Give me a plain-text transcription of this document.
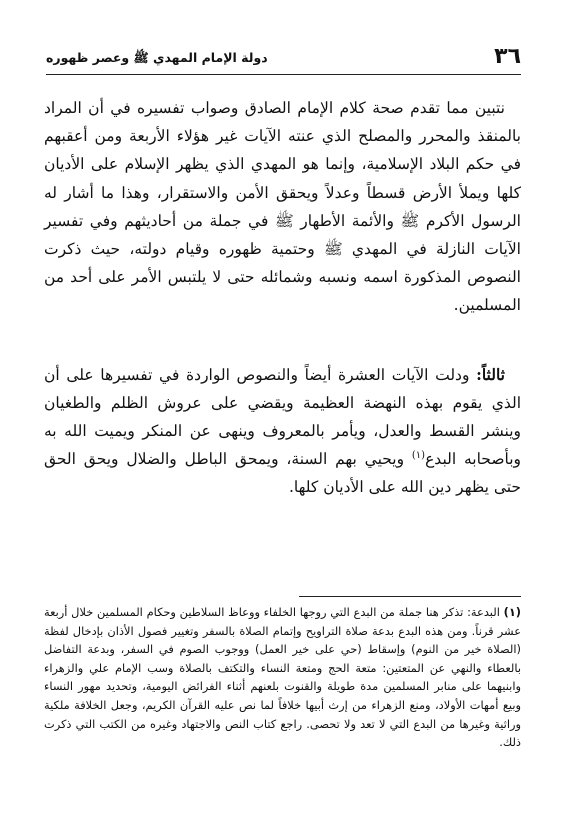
٣٦
دولة الإمام المهدي ﷺ وعصر ظهوره

نتبين مما تقدم صحة كلام الإمام الصادق وصواب تفسيره في أن المراد بالمنقذ والمحرر والمصلح الذي عنته الآيات غير هؤلاء الأربعة ومن أعقبهم في حكم البلاد الإسلامية، وإنما هو المهدي الذي يظهر الإسلام على الأديان كلها ويملأ الأرض قسطاً وعدلاً ويحقق الأمن والاستقرار، وهذا ما أشار له الرسول الأكرم ﷺ والأئمة الأطهار ﷺ في جملة من أحاديثهم وفي تفسير الآيات النازلة في المهدي ﷺ وحتمية ظهوره وقيام دولته، حيث ذكرت النصوص المذكورة اسمه ونسبه وشمائله حتى لا يلتبس الأمر على أحد من المسلمين.

ثالثاً: ودلت الآيات العشرة أيضاً والنصوص الواردة في تفسيرها على أن الذي يقوم بهذه النهضة العظيمة ويقضي على عروش الظلم والطغيان وينشر القسط والعدل، ويأمر بالمعروف وينهى عن المنكر ويميت الله به وبأصحابه البدع$^{(١)}$ ويحيي بهم السنة، ويمحق الباطل والضلال ويحق الحق حتى يظهر دين الله على الأديان كلها.

(١) البدعة: تذكر هنا جملة من البدع التي روجها الخلفاء ووعاظ السلاطين وحكام المسلمين خلال أربعة عشر قرناً. ومن هذه البدع بدعة صلاة التراويح وإتمام الصلاة بالسفر وتغيير فصول الأذان بإدخال لفظة (الصلاة خير من النوم) وإسقاط (حي على خير العمل) ووجوب الصوم في السفر، وبدعة التفاضل بالعطاء والنهي عن المتعتين: متعة الحج ومتعة النساء والتكتف بالصلاة وسب الإمام علي والزهراء وابنيهما على منابر المسلمين مدة طويلة والقنوت بلعنهم أثناء الفرائض اليومية، وتحديد مهور النساء وبيع أمهات الأولاد، ومنع الزهراء من إرث أبيها خلافاً لما نص عليه القرآن الكريم، وجعل الخلافة ملكية وراثية وغيرها من البدع التي لا تعد ولا تحصى. راجع كتاب النص والاجتهاد وغيره من الكتب التي ذكرت ذلك.
